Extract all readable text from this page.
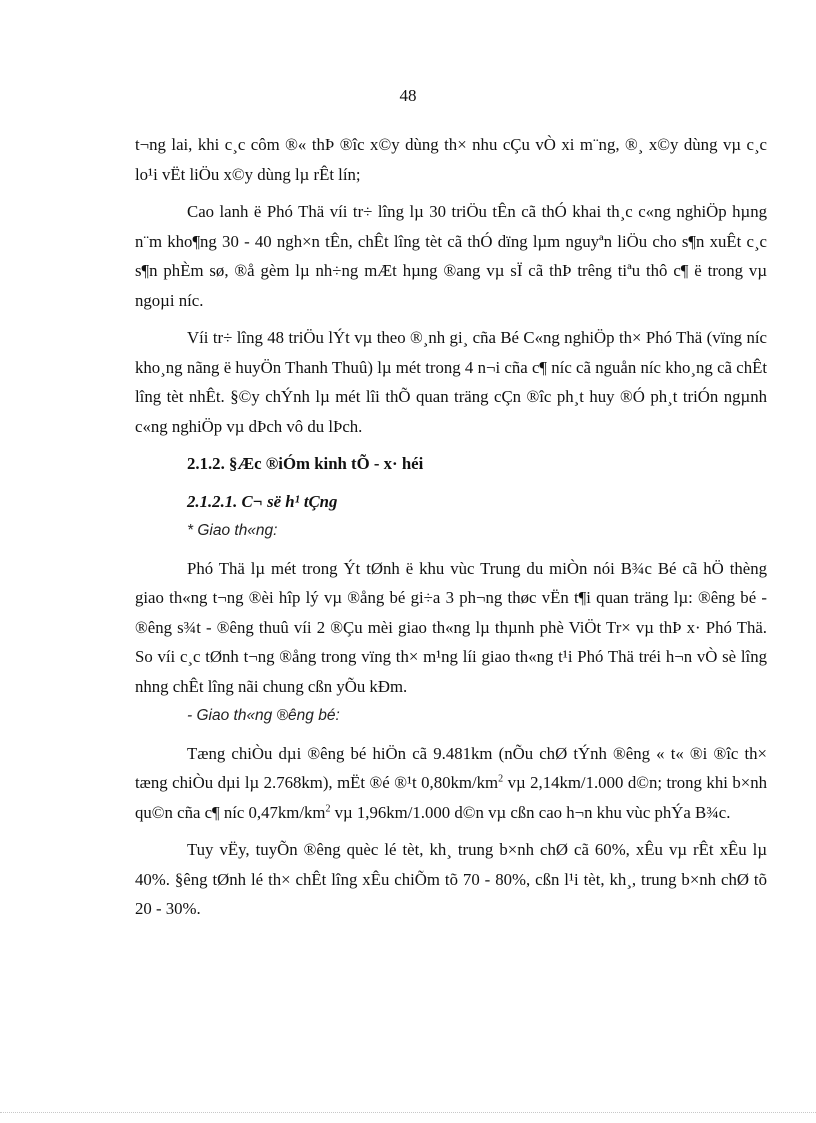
48

t¬ng lai, khi c¸c côm ®« thÞ ®îc x©y dùng th× nhu cÇu vÒ xi m¨ng, ®¸ x©y dùng vµ c¸c lo¹i vËt liÖu x©y dùng lµ rÊt lín;

Cao lanh ë Phó Thä víi tr÷ lîng lµ 30 triÖu tÊn cã thÓ khai th¸c c«ng nghiÖp hµng n¨m kho¶ng 30 - 40 ngh×n tÊn, chÊt lîng tèt cã thÓ dïng lµm nguyªn liÖu cho s¶n xuÊt c¸c s¶n phÈm sø, ®å gèm lµ nh÷ng mÆt hµng ®ang vµ sÏ cã thÞ trêng tiªu thô c¶ ë trong vµ ngoµi níc.

Víi tr÷ lîng 48 triÖu lÝt vµ theo ®¸nh gi¸ cña Bé C«ng nghiÖp th× Phó Thä (vïng níc kho¸ng nãng ë huyÖn Thanh Thuû) lµ mét trong 4 n¬i cña c¶ níc cã nguån níc kho¸ng cã chÊt lîng tèt nhÊt. §©y chÝnh lµ mét lîi thÕ quan träng cÇn ®îc ph¸t huy ®Ó ph¸t triÓn ngµnh c«ng nghiÖp vµ dÞch vô du lÞch.

2.1.2. §Æc ®iÓm kinh tÕ - x· héi

2.1.2.1. C¬ së h¹ tÇng

* Giao th«ng:

Phó Thä lµ mét trong Ýt tØnh ë khu vùc Trung du miÒn nói B¾c Bé cã hÖ thèng giao th«ng t¬ng ®èi hîp lý vµ ®ång bé gi÷a 3 ph¬ng thøc vËn t¶i quan träng lµ: ®êng bé - ®êng s¾t - ®êng thuû víi 2 ®Çu mèi giao th«ng lµ thµnh phè ViÖt Tr× vµ thÞ x· Phó Thä. So víi c¸c tØnh t¬ng ®ång trong vïng th× m¹ng líi giao th«ng t¹i Phó Thä tréi h¬n vÒ sè lîng nhng chÊt lîng nãi chung cßn yÕu kÐm.

- Giao th«ng ®êng bé:

Tæng chiÒu dµi ®êng bé hiÖn cã 9.481km (nÕu chØ tÝnh ®êng « t« ®i ®îc th× tæng chiÒu dµi lµ 2.768km), mËt ®é ®¹t $0,80km/km^2$ vµ 2,14km/1.000 d©n; trong khi b×nh qu©n cña c¶ níc $0,47km/km^2$ vµ 1,96km/1.000 d©n vµ cßn cao h¬n khu vùc phÝa B¾c.

Tuy vËy, tuyÕn ®êng quèc lé tèt, kh¸ trung b×nh chØ cã 60%, xÊu vµ rÊt xÊu lµ 40%. §êng tØnh lé th× chÊt lîng xÊu chiÕm tõ 70 - 80%, cßn l¹i tèt, kh¸, trung b×nh chØ tõ 20 - 30%.
